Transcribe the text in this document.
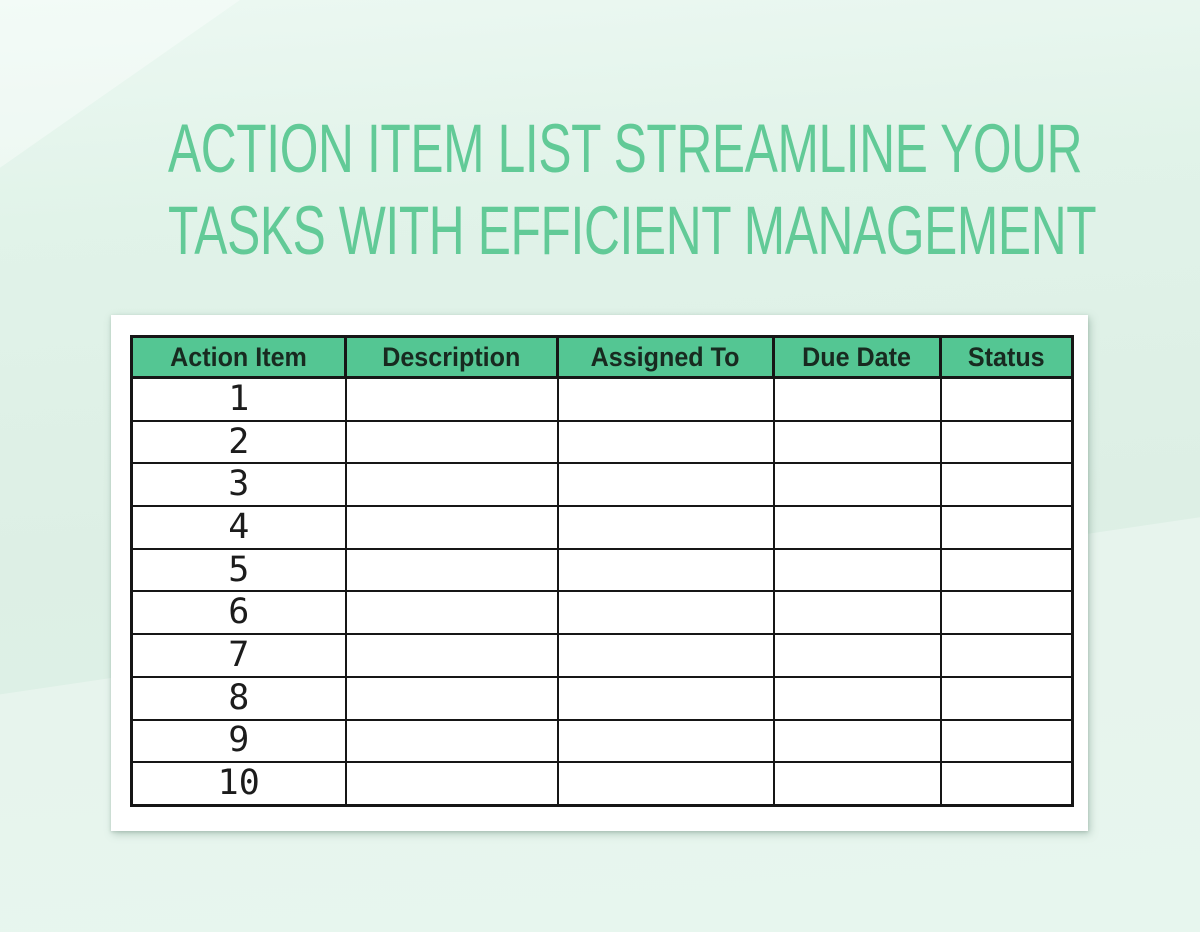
ACTION ITEM LIST STREAMLINE YOUR
TASKS WITH EFFICIENT MANAGEMENT
Action Item	Description	Assigned To	Due Date	Status
1				
2				
3				
4				
5				
6				
7				
8				
9				
10				
